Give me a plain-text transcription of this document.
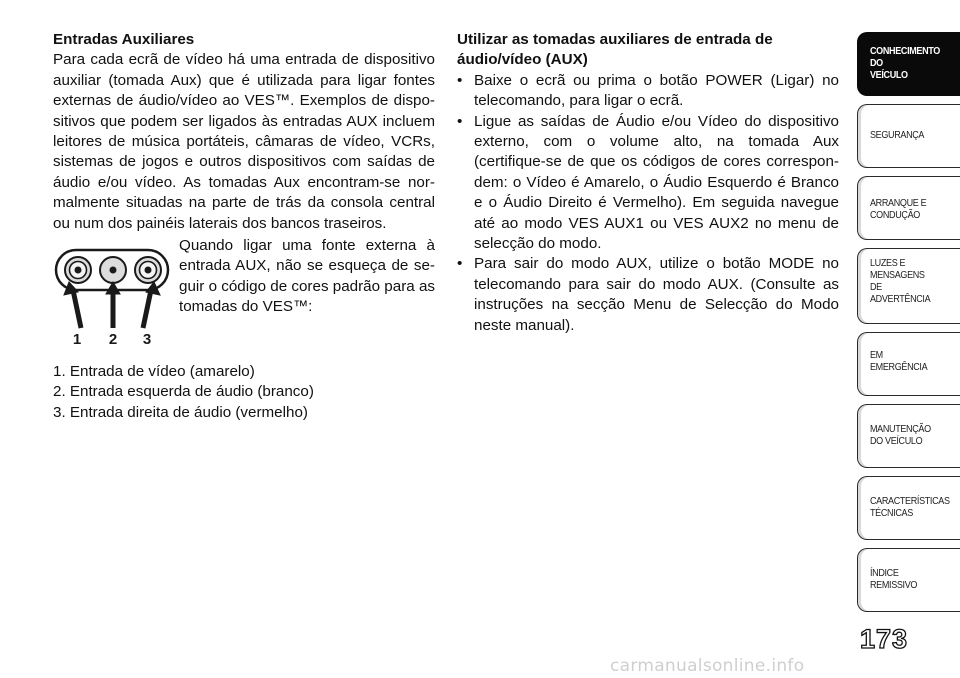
Entradas Auxiliares

Para cada ecrã de vídeo há uma entrada de dispositivo auxiliar (tomada Aux) que é utilizada para ligar fontes externas de áudio/vídeo ao VES™. Exemplos de dispo-sitivos que podem ser ligados às entradas AUX incluem leitores de música portáteis, câmaras de vídeo, VCRs, sistemas de jogos e outros dispositivos com saídas de áudio e/ou vídeo. As tomadas Aux encontram-se nor-malmente situadas na parte de trás da consola central ou num dos painéis laterais dos bancos traseiros.

1 2 3

Quando ligar uma fonte externa à entrada AUX, não se esqueça de se-guir o código de cores padrão para as tomadas do VES™:

1. Entrada de vídeo (amarelo)
2. Entrada esquerda de áudio (branco)
3. Entrada direita de áudio (vermelho)

Utilizar as tomadas auxiliares de entrada de
áudio/vídeo (AUX)

• Baixe o ecrã ou prima o botão POWER (Ligar) no telecomando, para ligar o ecrã.
• Ligue as saídas de Áudio e/ou Vídeo do dispositivo externo, com o volume alto, na tomada Aux (certifique-se de que os códigos de cores correspon-dem: o Vídeo é Amarelo, o Áudio Esquerdo é Branco e o Áudio Direito é Vermelho). Em seguida navegue até ao modo VES AUX1 ou VES AUX2 no menu de selecção do modo.
• Para sair do modo AUX, utilize o botão MODE no telecomando para sair do modo AUX. (Consulte as instruções na secção Menu de Selecção do Modo neste manual).
CONHECIMENTO
DO
VEÍCULO
SEGURANÇA
ARRANQUE E
CONDUÇÃO
LUZES E
MENSAGENS
DE
ADVERTÊNCIA
EM
EMERGÊNCIA
MANUTENÇÃO
DO VEÍCULO
CARACTERÍSTICAS
TÉCNICAS
ÍNDICE
REMISSIVO
173
carmanualsonline.info
